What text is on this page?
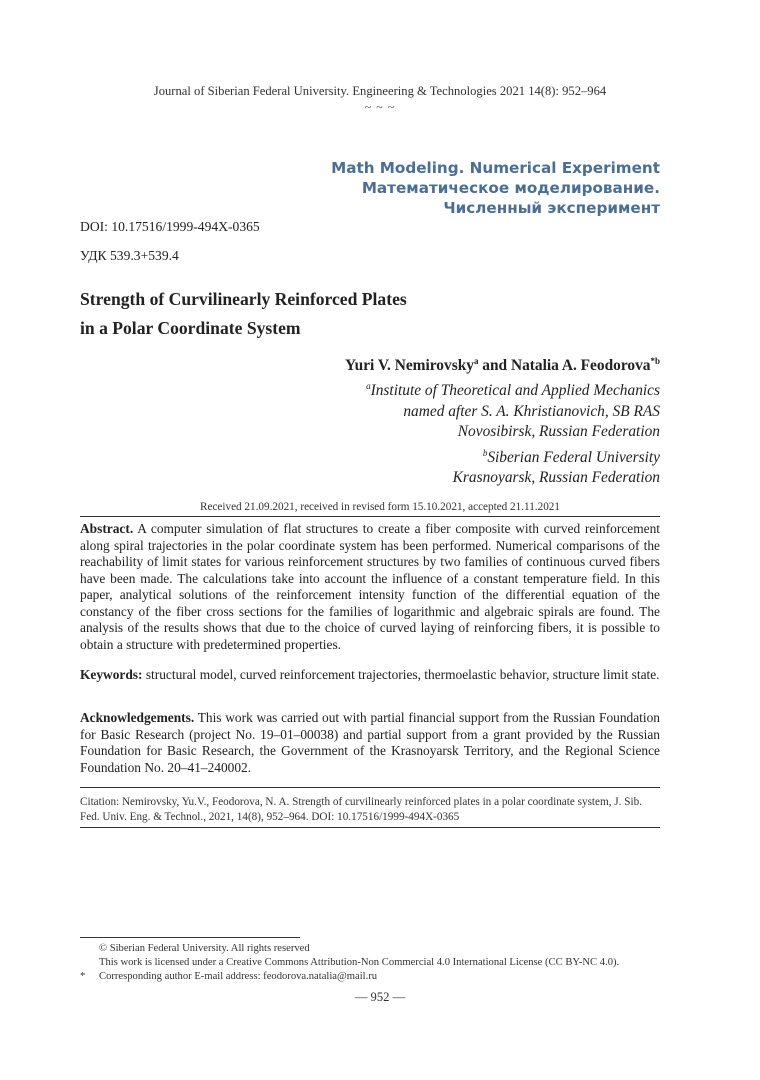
Journal of Siberian Federal University. Engineering & Technologies 2021 14(8): 952–964
~ ~ ~
Math Modeling. Numerical Experiment
Математическое моделирование.
Численный эксперимент
DOI: 10.17516/1999-494X-0365
УДК 539.3+539.4
Strength of Curvilinearly Reinforced Plates
in a Polar Coordinate System
Yuri V. Nemirovsky$^a$ and Natalia A. Feodorova$^{*b}$
$^a$Institute of Theoretical and Applied Mechanics
named after S. A. Khristianovich, SB RAS
Novosibirsk, Russian Federation
$^b$Siberian Federal University
Krasnoyarsk, Russian Federation
Received 21.09.2021, received in revised form 15.10.2021, accepted 21.11.2021
Abstract. A computer simulation of flat structures to create a fiber composite with curved reinforcement along spiral trajectories in the polar coordinate system has been performed. Numerical comparisons of the reachability of limit states for various reinforcement structures by two families of continuous curved fibers have been made. The calculations take into account the influence of a constant temperature field. In this paper, analytical solutions of the reinforcement intensity function of the differential equation of the constancy of the fiber cross sections for the families of logarithmic and algebraic spirals are found. The analysis of the results shows that due to the choice of curved laying of reinforcing fibers, it is possible to obtain a structure with predetermined properties.
Keywords: structural model, curved reinforcement trajectories, thermoelastic behavior, structure limit state.
Acknowledgements. This work was carried out with partial financial support from the Russian Foundation for Basic Research (project No. 19–01–00038) and partial support from a grant provided by the Russian Foundation for Basic Research, the Government of the Krasnoyarsk Territory, and the Regional Science Foundation No. 20–41–240002.
Citation: Nemirovsky, Yu.V., Feodorova, N. A. Strength of curvilinearly reinforced plates in a polar coordinate system, J. Sib. Fed. Univ. Eng. & Technol., 2021, 14(8), 952–964. DOI: 10.17516/1999-494X-0365
© Siberian Federal University. All rights reserved
This work is licensed under a Creative Commons Attribution-Non Commercial 4.0 International License (CC BY-NC 4.0).
* Corresponding author E-mail address: feodorova.natalia@mail.ru
— 952 —
